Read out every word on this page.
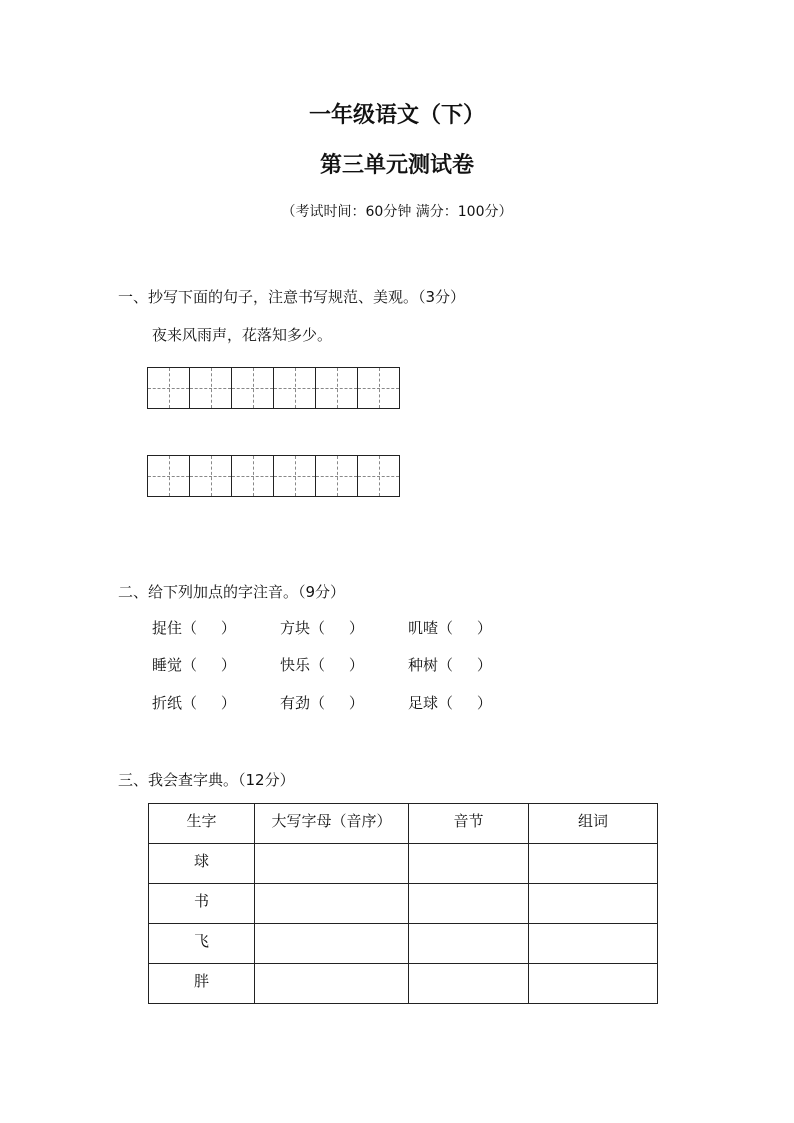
一年级语文（下）
第三单元测试卷
（考试时间：60分钟 满分：100分）
一、抄写下面的句子，注意书写规范、美观。（3分）
夜来风雨声，花落知多少。
二、给下列加点的字注音。（9分）
捉住（     ）	方块（     ）	叽喳（     ）
睡觉（     ）	快乐（     ）	种树（     ）
折纸（     ）	有劲（     ）	足球（     ）
三、我会查字典。（12分）
生字	大写字母（音序）	音节	组词
球			
书			
飞			
胖			
